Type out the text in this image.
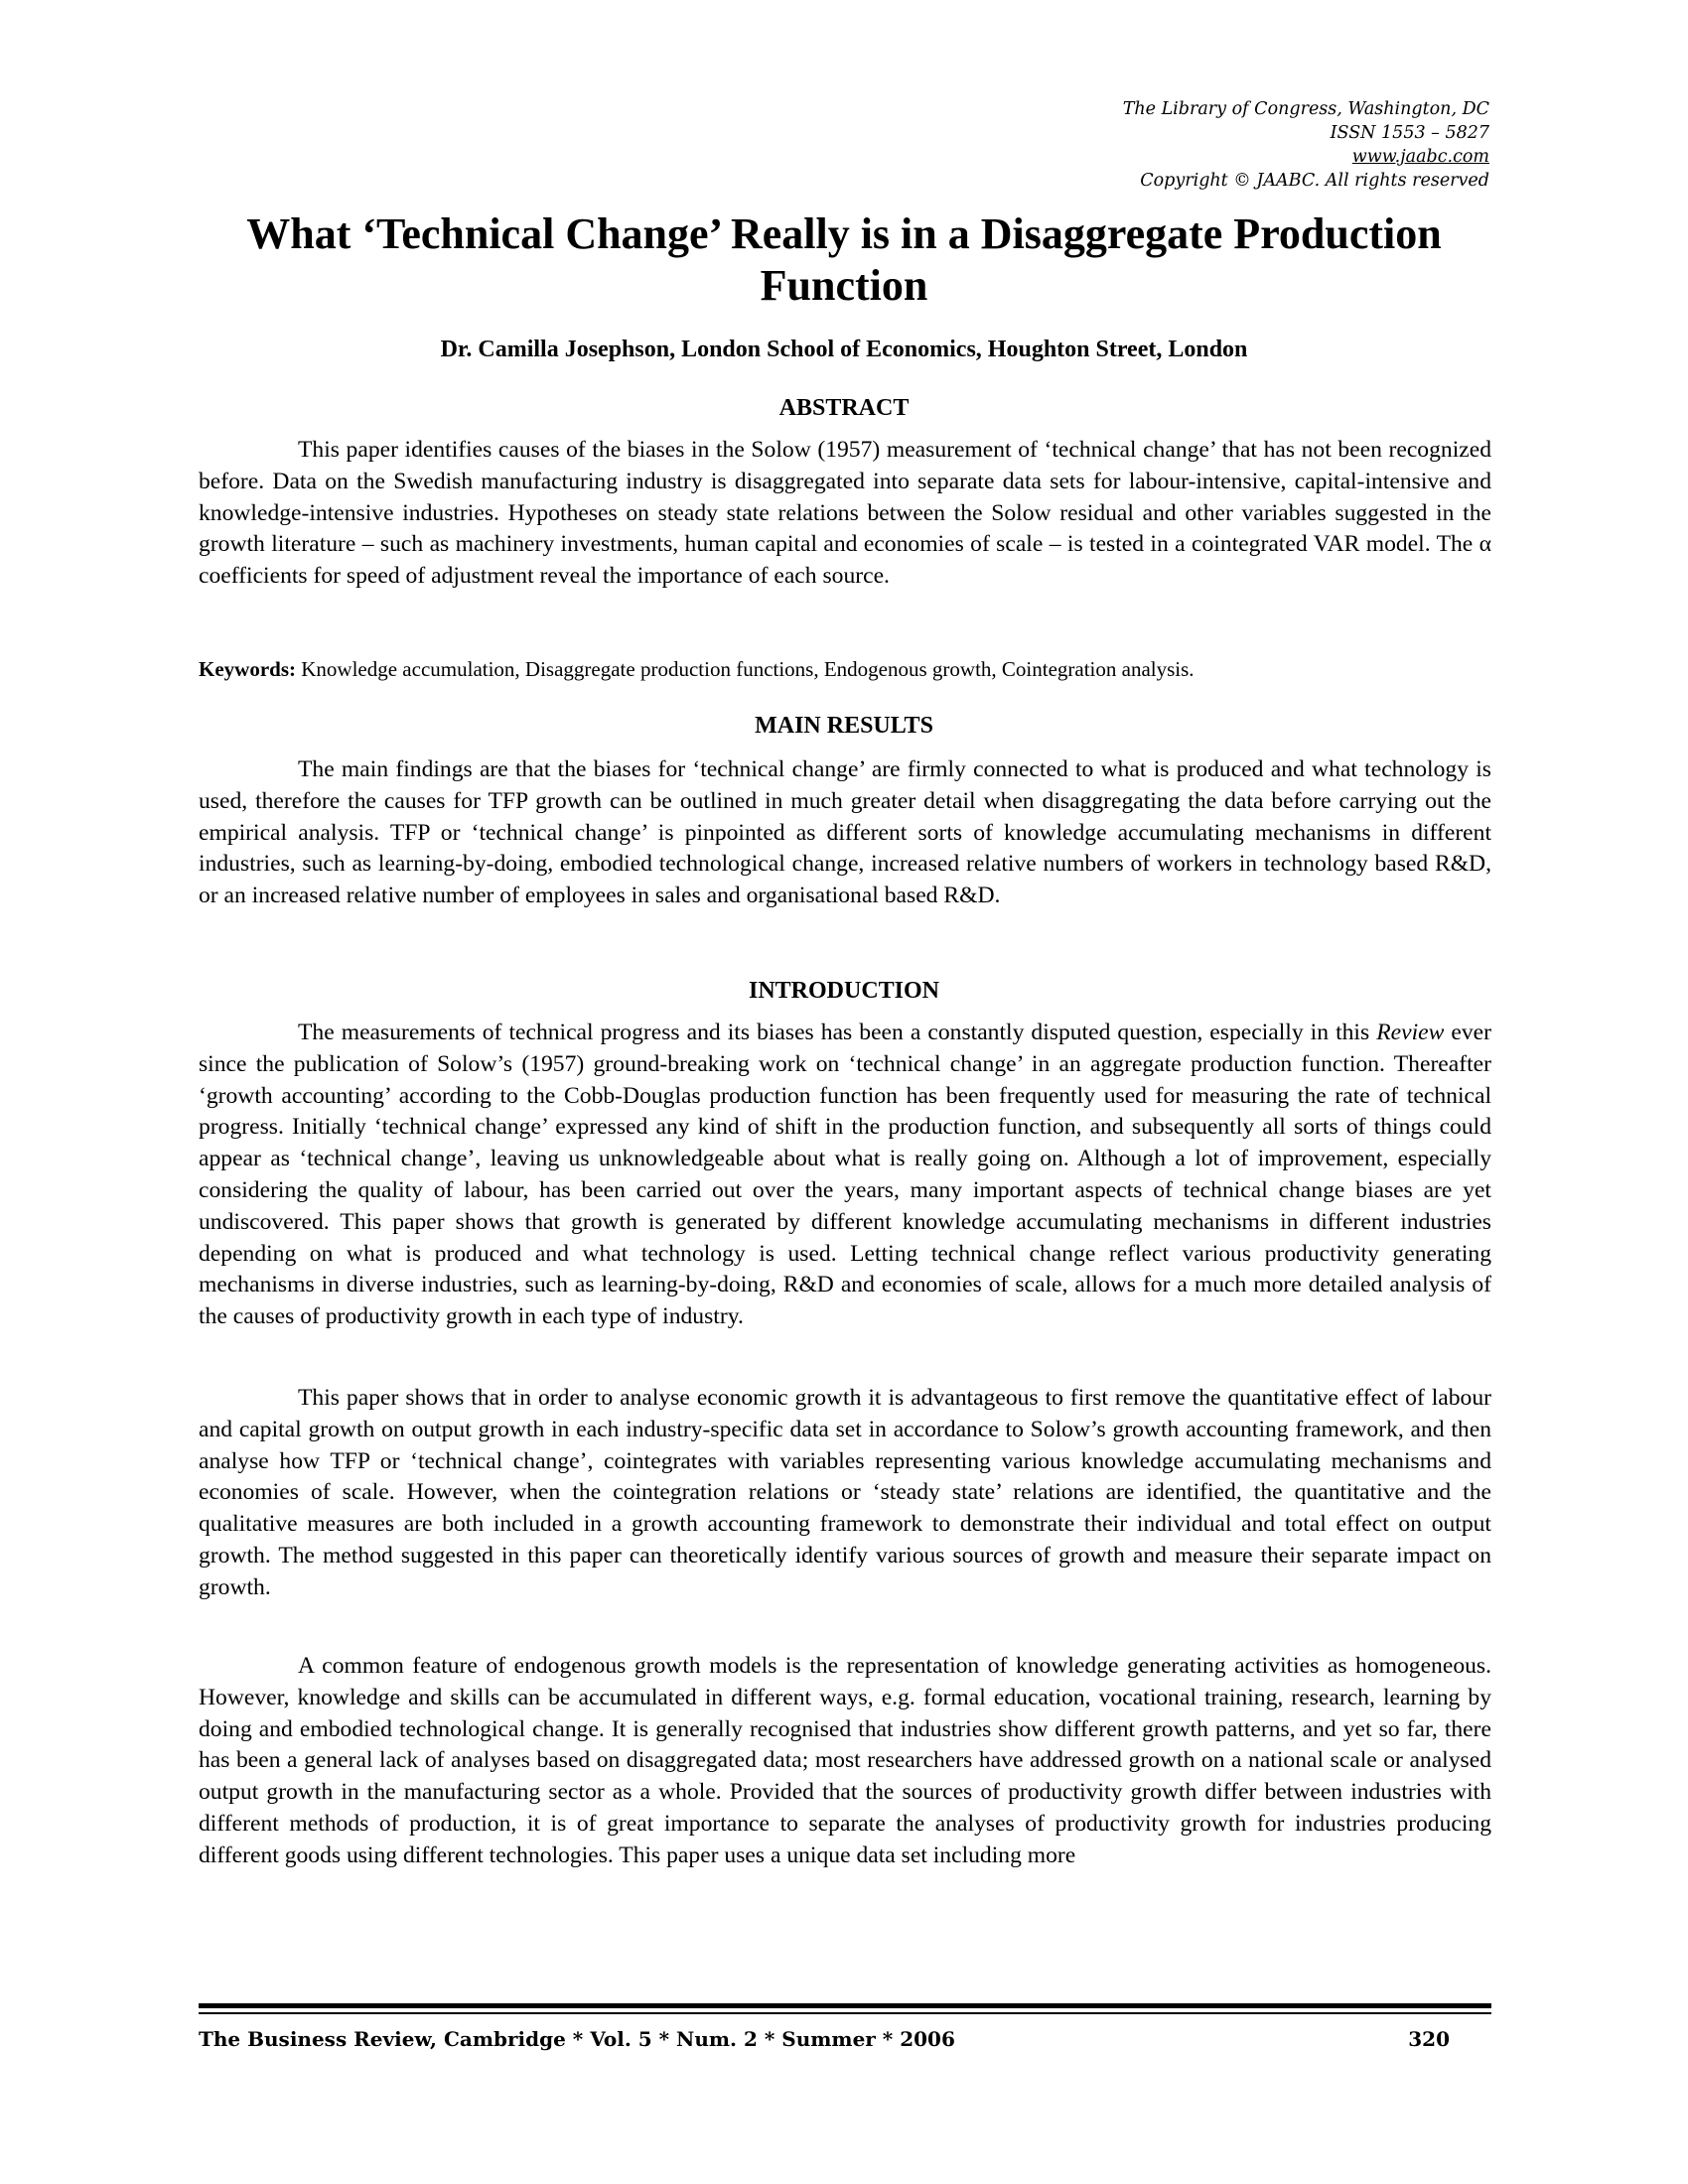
The Library of Congress, Washington, DC
ISSN 1553 – 5827
www.jaabc.com
Copyright © JAABC. All rights reserved
What ‘Technical Change’ Really is in a Disaggregate Production Function
Dr. Camilla Josephson, London School of Economics, Houghton Street, London
ABSTRACT

This paper identifies causes of the biases in the Solow (1957) measurement of ‘technical change’ that has not been recognized before. Data on the Swedish manufacturing industry is disaggregated into separate data sets for labour-intensive, capital-intensive and knowledge-intensive industries. Hypotheses on steady state relations between the Solow residual and other variables suggested in the growth literature – such as machinery investments, human capital and economies of scale – is tested in a cointegrated VAR model. The α coefficients for speed of adjustment reveal the importance of each source.

Keywords: Knowledge accumulation, Disaggregate production functions, Endogenous growth, Cointegration analysis.
MAIN RESULTS

The main findings are that the biases for ‘technical change’ are firmly connected to what is produced and what technology is used, therefore the causes for TFP growth can be outlined in much greater detail when disaggregating the data before carrying out the empirical analysis. TFP or ‘technical change’ is pinpointed as different sorts of knowledge accumulating mechanisms in different industries, such as learning-by-doing, embodied technological change, increased relative numbers of workers in technology based R&D, or an increased relative number of employees in sales and organisational based R&D.

INTRODUCTION

The measurements of technical progress and its biases has been a constantly disputed question, especially in this Review ever since the publication of Solow’s (1957) ground-breaking work on ‘technical change’ in an aggregate production function. Thereafter ‘growth accounting’ according to the Cobb-Douglas production function has been frequently used for measuring the rate of technical progress. Initially ‘technical change’ expressed any kind of shift in the production function, and subsequently all sorts of things could appear as ‘technical change’, leaving us unknowledgeable about what is really going on. Although a lot of improvement, especially considering the quality of labour, has been carried out over the years, many important aspects of technical change biases are yet undiscovered. This paper shows that growth is generated by different knowledge accumulating mechanisms in different industries depending on what is produced and what technology is used. Letting technical change reflect various productivity generating mechanisms in diverse industries, such as learning-by-doing, R&D and economies of scale, allows for a much more detailed analysis of the causes of productivity growth in each type of industry.

This paper shows that in order to analyse economic growth it is advantageous to first remove the quantitative effect of labour and capital growth on output growth in each industry-specific data set in accordance to Solow’s growth accounting framework, and then analyse how TFP or ‘technical change’, cointegrates with variables representing various knowledge accumulating mechanisms and economies of scale. However, when the cointegration relations or ‘steady state’ relations are identified, the quantitative and the qualitative measures are both included in a growth accounting framework to demonstrate their individual and total effect on output growth. The method suggested in this paper can theoretically identify various sources of growth and measure their separate impact on growth.

A common feature of endogenous growth models is the representation of knowledge generating activities as homogeneous. However, knowledge and skills can be accumulated in different ways, e.g. formal education, vocational training, research, learning by doing and embodied technological change. It is generally recognised that industries show different growth patterns, and yet so far, there has been a general lack of analyses based on disaggregated data; most researchers have addressed growth on a national scale or analysed output growth in the manufacturing sector as a whole. Provided that the sources of productivity growth differ between industries with different methods of production, it is of great importance to separate the analyses of productivity growth for industries producing different goods using different technologies. This paper uses a unique data set including more

The Business Review, Cambridge * Vol. 5 * Num. 2 * Summer * 2006	320
